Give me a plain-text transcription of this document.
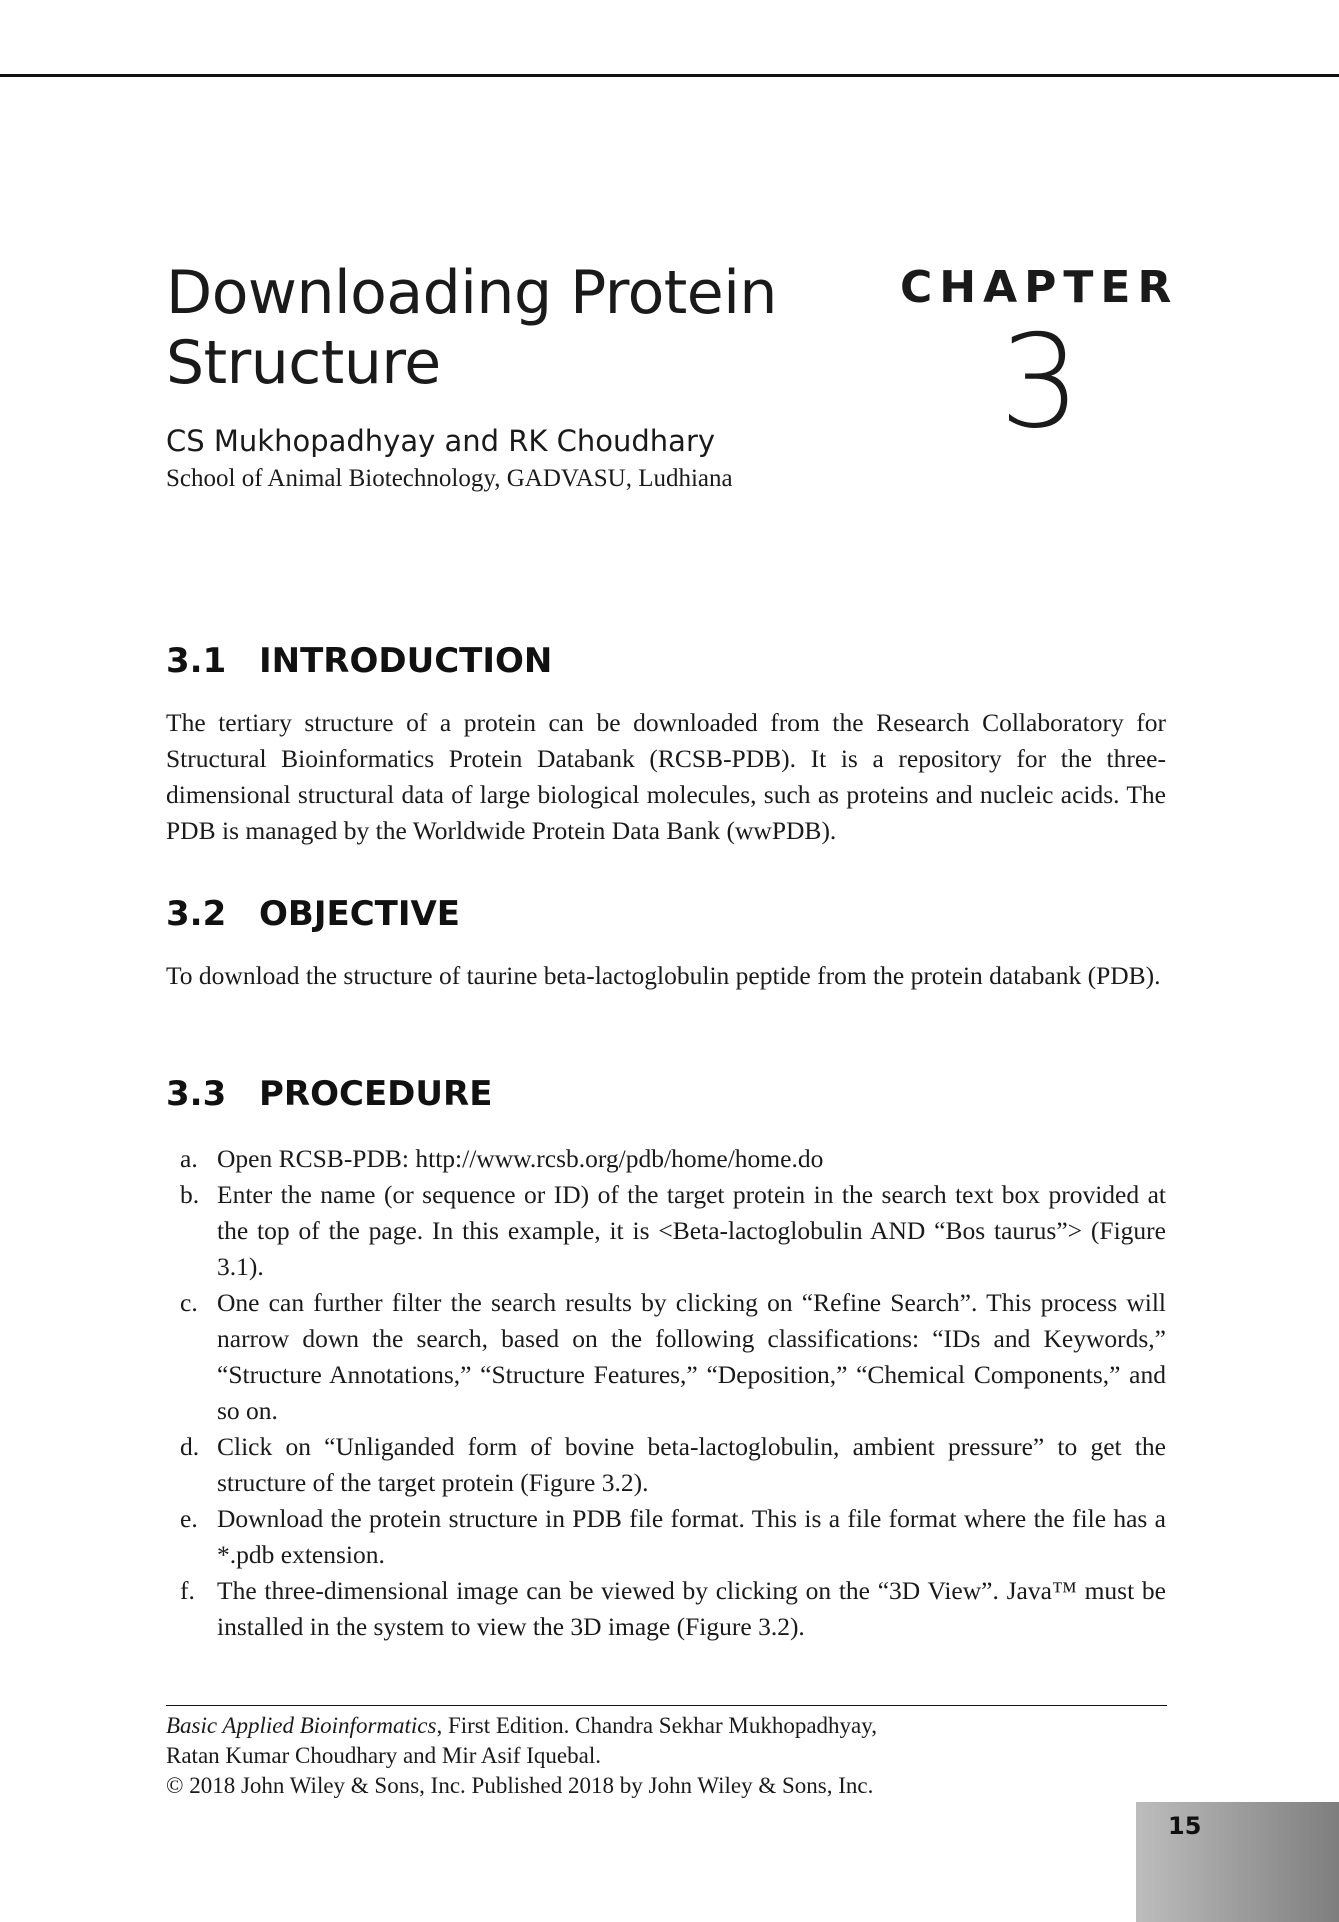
Downloading Protein
Structure
CHAPTER
3
CS Mukhopadhyay and RK Choudhary
School of Animal Biotechnology, GADVASU, Ludhiana
3.1 INTRODUCTION

The tertiary structure of a protein can be downloaded from the Research Collaboratory for Structural Bioinformatics Protein Databank (RCSB-PDB). It is a repository for the three-dimensional structural data of large biological molecules, such as proteins and nucleic acids. The PDB is managed by the Worldwide Protein Data Bank (wwPDB).

3.2 OBJECTIVE

To download the structure of taurine beta-lactoglobulin peptide from the protein databank (PDB).

3.3 PROCEDURE
a. Open RCSB-PDB: http://www.rcsb.org/pdb/home/home.do
b. Enter the name (or sequence or ID) of the target protein in the search text box provided at the top of the page. In this example, it is <Beta-lactoglobulin AND “Bos taurus”> (Figure 3.1).
c. One can further filter the search results by clicking on “Refine Search”. This process will narrow down the search, based on the following classifications: “IDs and Keywords,” “Structure Annotations,” “Structure Features,” “Deposition,” “Chemical Components,” and so on.
d. Click on “Unliganded form of bovine beta-lactoglobulin, ambient pressure” to get the structure of the target protein (Figure 3.2).
e. Download the protein structure in PDB file format. This is a file format where the file has a *.pdb extension.
f. The three-dimensional image can be viewed by clicking on the “3D View”. Java™ must be installed in the system to view the 3D image (Figure 3.2).
Basic Applied Bioinformatics, First Edition. Chandra Sekhar Mukhopadhyay,
Ratan Kumar Choudhary and Mir Asif Iquebal.
© 2018 John Wiley & Sons, Inc. Published 2018 by John Wiley & Sons, Inc.
15
